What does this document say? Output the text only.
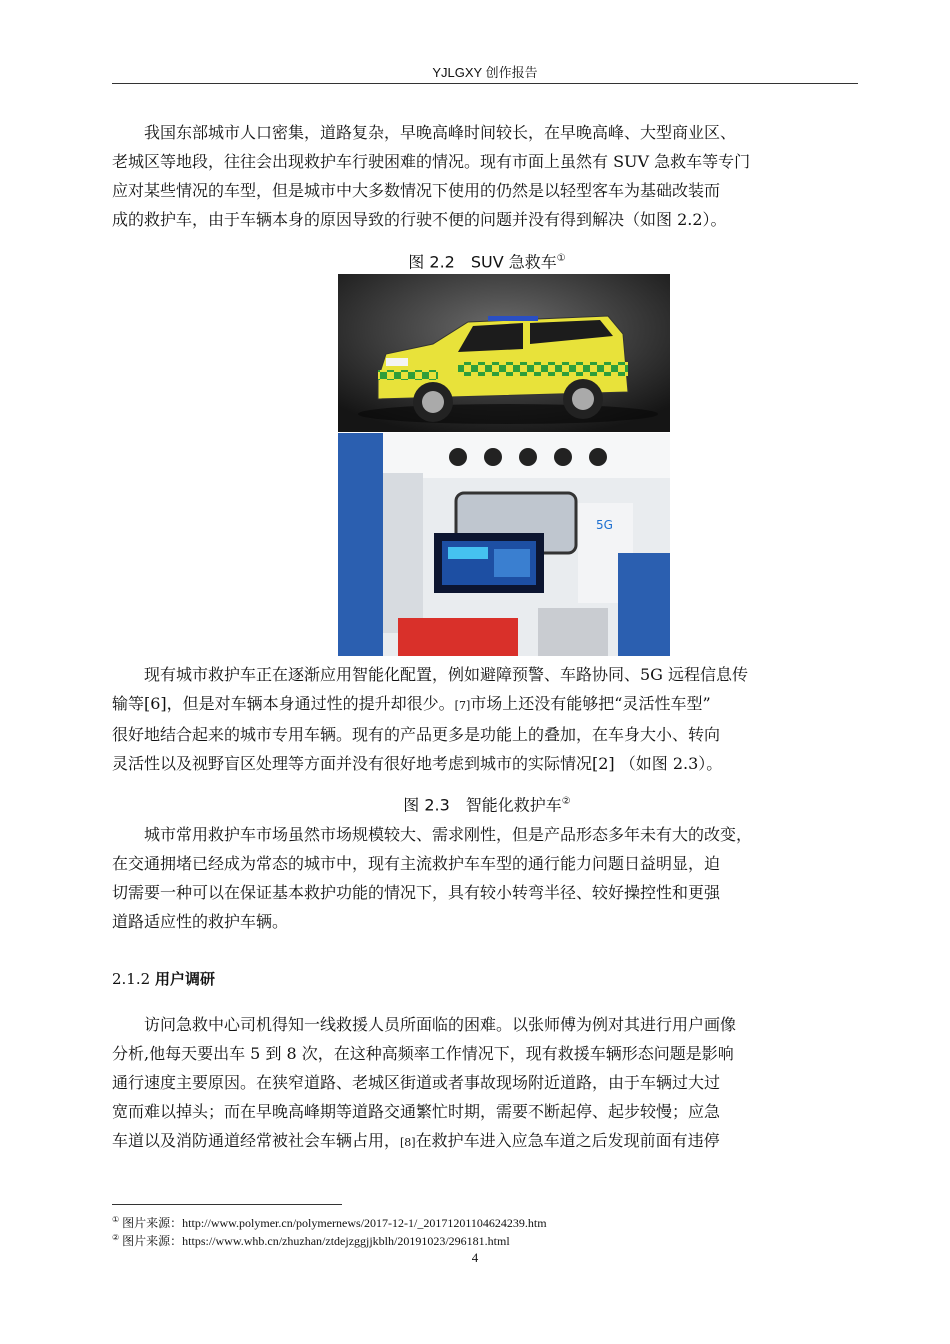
YJLGXY 创作报告
我国东部城市人口密集，道路复杂，早晚高峰时间较长，在早晚高峰、大型商业区、
老城区等地段，往往会出现救护车行驶困难的情况。现有市面上虽然有 SUV 急救车等专门
应对某些情况的车型，但是城市中大多数情况下使用的仍然是以轻型客车为基础改装而
成的救护车，由于车辆本身的原因导致的行驶不便的问题并没有得到解决（如图 2.2）。
图 2.2　SUV 急救车①
5G
现有城市救护车正在逐渐应用智能化配置，例如避障预警、车路协同、5G 远程信息传
输等[6]，但是对车辆本身通过性的提升却很少。[7]市场上还没有能够把“灵活性车型”
很好地结合起来的城市专用车辆。现有的产品更多是功能上的叠加，在车身大小、转向
灵活性以及视野盲区处理等方面并没有很好地考虑到城市的实际情况[2] （如图 2.3）。
图 2.3　智能化救护车②
城市常用救护车市场虽然市场规模较大、需求刚性，但是产品形态多年未有大的改变，
在交通拥堵已经成为常态的城市中，现有主流救护车车型的通行能力问题日益明显，迫
切需要一种可以在保证基本救护功能的情况下，具有较小转弯半径、较好操控性和更强
道路适应性的救护车辆。
2.1.2 用户调研
访问急救中心司机得知一线救援人员所面临的困难。以张师傅为例对其进行用户画像
分析,他每天要出车 5 到 8 次，在这种高频率工作情况下，现有救援车辆形态问题是影响
通行速度主要原因。在狭窄道路、老城区街道或者事故现场附近道路，由于车辆过大过
宽而难以掉头；而在早晚高峰期等道路交通繁忙时期，需要不断起停、起步较慢；应急
车道以及消防通道经常被社会车辆占用，[8]在救护车进入应急车道之后发现前面有违停
① 图片来源：http://www.polymer.cn/polymernews/2017-12-1/_20171201104624239.htm
② 图片来源：https://www.whb.cn/zhuzhan/ztdejzggjjkblh/20191023/296181.html
4
